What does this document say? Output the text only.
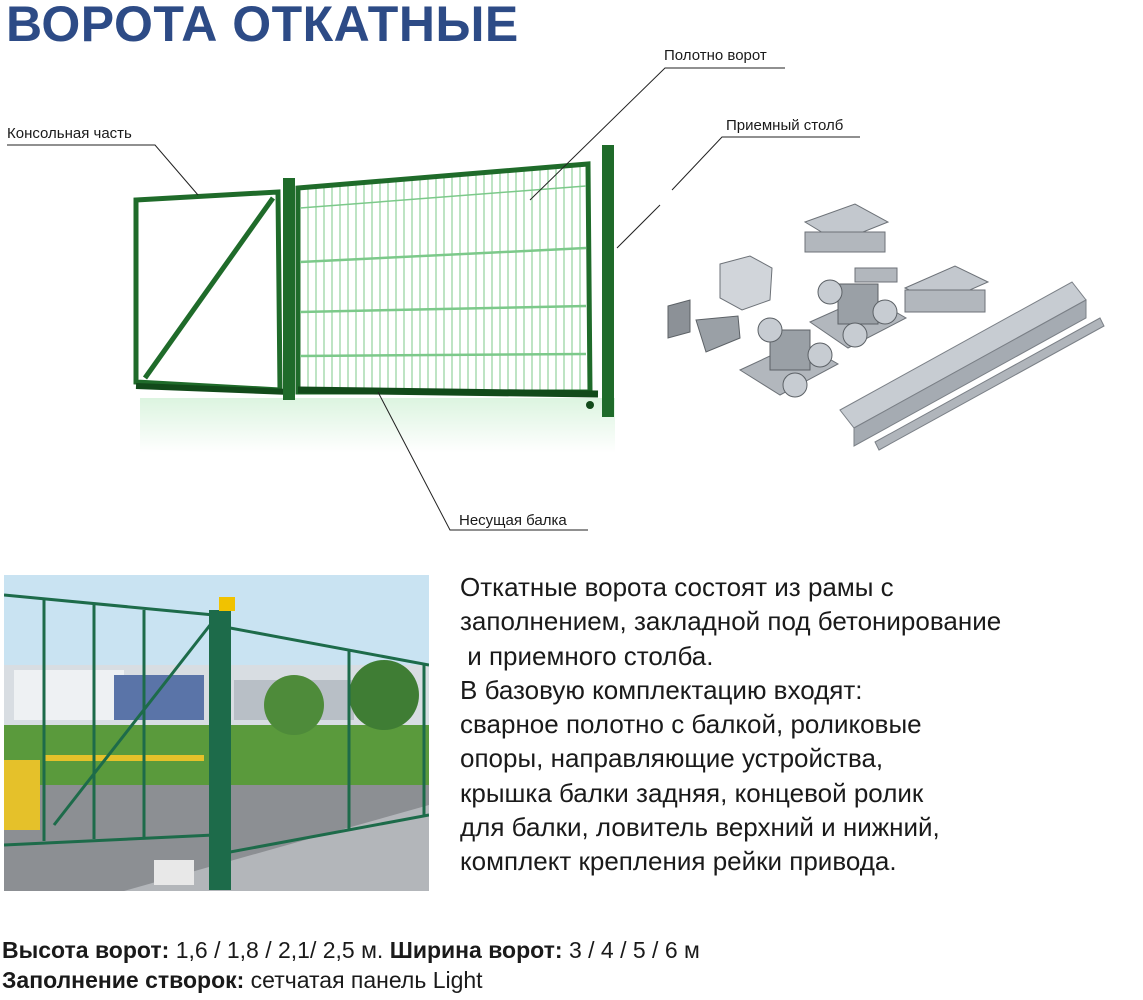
ВОРОТА ОТКАТНЫЕ
Полотно ворот
Приемный столб
Консольная часть
Несущая балка
Откатные ворота состоят из рамы с
заполнением, закладной под бетонирование
и приемного столба.
В базовую комплектацию входят:
сварное полотно с балкой, роликовые
опоры, направляющие устройства,
крышка балки задняя, концевой ролик
для балки, ловитель верхний и нижний,
комплект крепления рейки привода.
Высота ворот: 1,6 / 1,8 / 2,1/ 2,5 м. Ширина ворот: 3 / 4 / 5 / 6 м
Заполнение створок: сетчатая панель Light
